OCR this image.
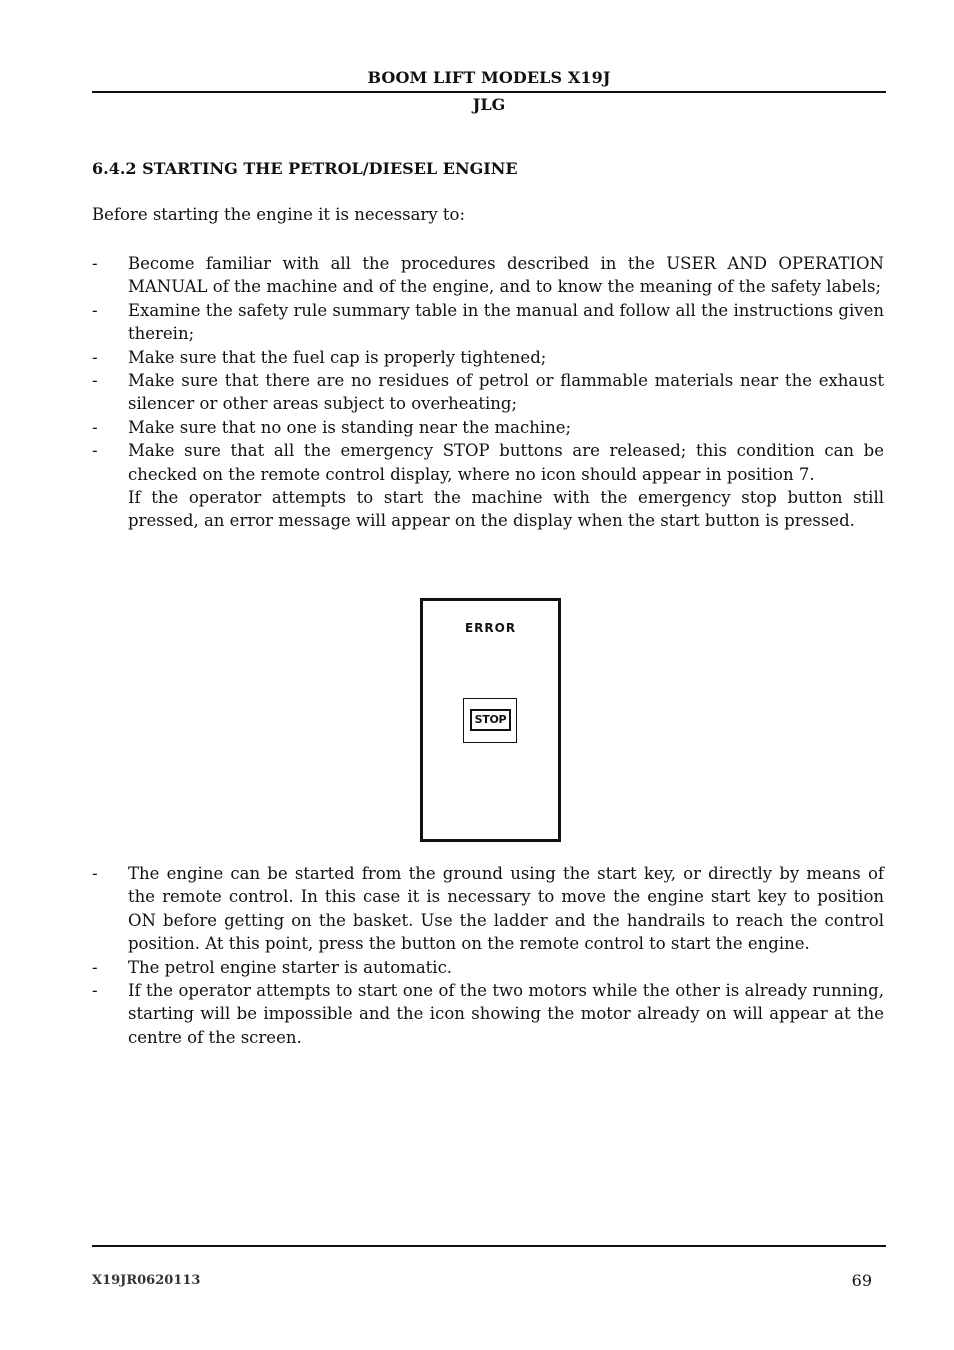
BOOM LIFT MODELS X19J
JLG
6.4.2 STARTING THE PETROL/DIESEL ENGINE
Before starting the engine it is necessary to:
- Become familiar with all the procedures described in the USER AND OPERATION MANUAL of the machine and of the engine, and to know the meaning of the safety labels;
- Examine the safety rule summary table in the manual and follow all the instructions given therein;
- Make sure that the fuel cap is properly tightened;
- Make sure that there are no residues of petrol or flammable materials near the exhaust silencer or other areas subject to overheating;
- Make sure that no one is standing near the machine;
- Make sure that all the emergency STOP buttons are released; this condition can be checked on the remote control display, where no icon should appear in position 7.
If the operator attempts to start the machine with the emergency stop button still pressed, an error message will appear on the display when the start button is pressed.
ERROR
STOP
- The engine can be started from the ground using the start key, or directly by means of the remote control. In this case it is necessary to move the engine start key to position ON before getting on the basket. Use the ladder and the handrails to reach the control position. At this point, press the button on the remote control to start the engine.
- The petrol engine starter is automatic.
- If the operator attempts to start one of the two motors while the other is already running, starting will be impossible and the icon showing the motor already on will appear at the centre of the screen.
X19JR0620113	69
